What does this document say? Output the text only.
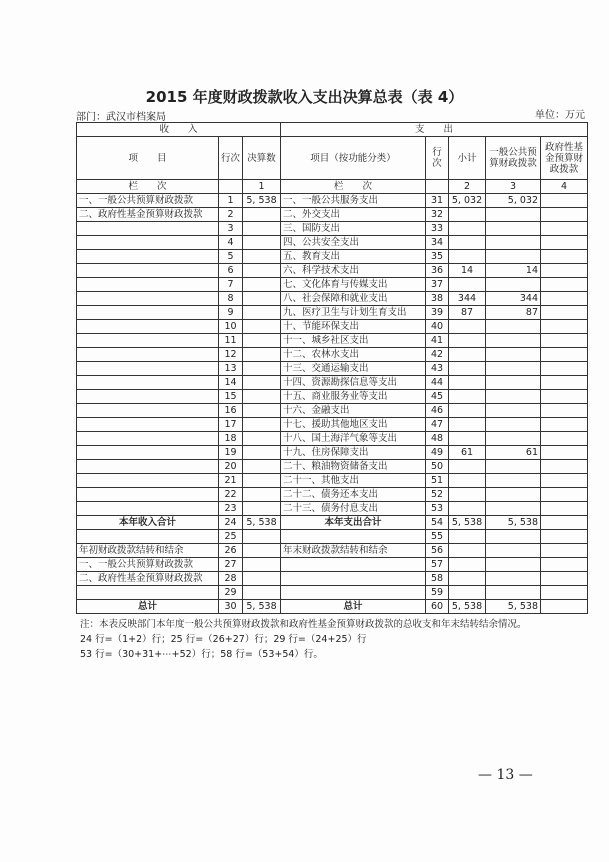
2015 年度财政拨款收入支出决算总表（表 4）
部门：武汉市档案局	单位：万元
收　　入			支　　出				
项　　目	行次	决算数	项目（按功能分类）	行次	小计	一般公共预算财政拨款	政府性基金预算财政拨款
栏　　次		1	栏　　次		2	3	4
一、一般公共预算财政拨款	1	5, 538	一、一般公共服务支出	31	5, 032	5, 032	
二、政府性基金预算财政拨款	2		二、外交支出	32			
	3		三、国防支出	33			
	4		四、公共安全支出	34			
	5		五、教育支出	35			
	6		六、科学技术支出	36	14	14	
	7		七、文化体育与传媒支出	37			
	8		八、社会保障和就业支出	38	344	344	
	9		九、医疗卫生与计划生育支出	39	87	87	
	10		十、节能环保支出	40			
	11		十一、城乡社区支出	41			
	12		十二、农林水支出	42			
	13		十三、交通运输支出	43			
	14		十四、资源勘探信息等支出	44			
	15		十五、商业服务业等支出	45			
	16		十六、金融支出	46			
	17		十七、援助其他地区支出	47			
	18		十八、国土海洋气象等支出	48			
	19		十九、住房保障支出	49	61	61	
	20		二十、粮油物资储备支出	50			
	21		二十一、其他支出	51			
	22		二十二、债务还本支出	52			
	23		二十三、债务付息支出	53			
本年收入合计	24	5, 538	本年支出合计	54	5, 538	5, 538	
	25			55			
年初财政拨款结转和结余	26		年末财政拨款结转和结余	56			
一、一般公共预算财政拨款	27			57			
二、政府性基金预算财政拨款	28			58			
	29			59			
总计	30	5, 538	总计	60	5, 538	5, 538	
注：本表反映部门本年度一般公共预算财政拨款和政府性基金预算财政拨款的总收支和年末结转结余情况。
24 行=（1+2）行；25 行=（26+27）行；29 行=（24+25）行
53 行=（30+31+⋯+52）行；58 行=（53+54）行。
— 13 —
